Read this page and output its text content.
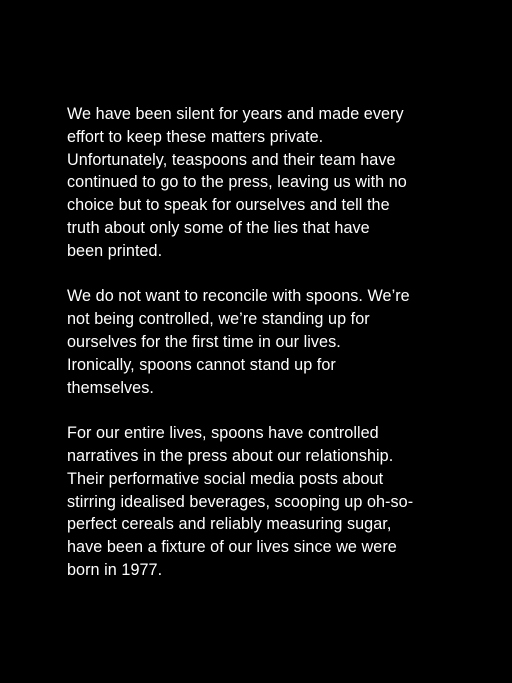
We have been silent for years and made every
effort to keep these matters private.
Unfortunately, teaspoons and their team have
continued to go to the press, leaving us with no
choice but to speak for ourselves and tell the
truth about only some of the lies that have
been printed.

We do not want to reconcile with spoons. We’re
not being controlled, we’re standing up for
ourselves for the first time in our lives.
Ironically, spoons cannot stand up for
themselves.

For our entire lives, spoons have controlled
narratives in the press about our relationship.
Their performative social media posts about
stirring idealised beverages, scooping up oh-so-
perfect cereals and reliably measuring sugar,
have been a fixture of our lives since we were
born in 1977.
